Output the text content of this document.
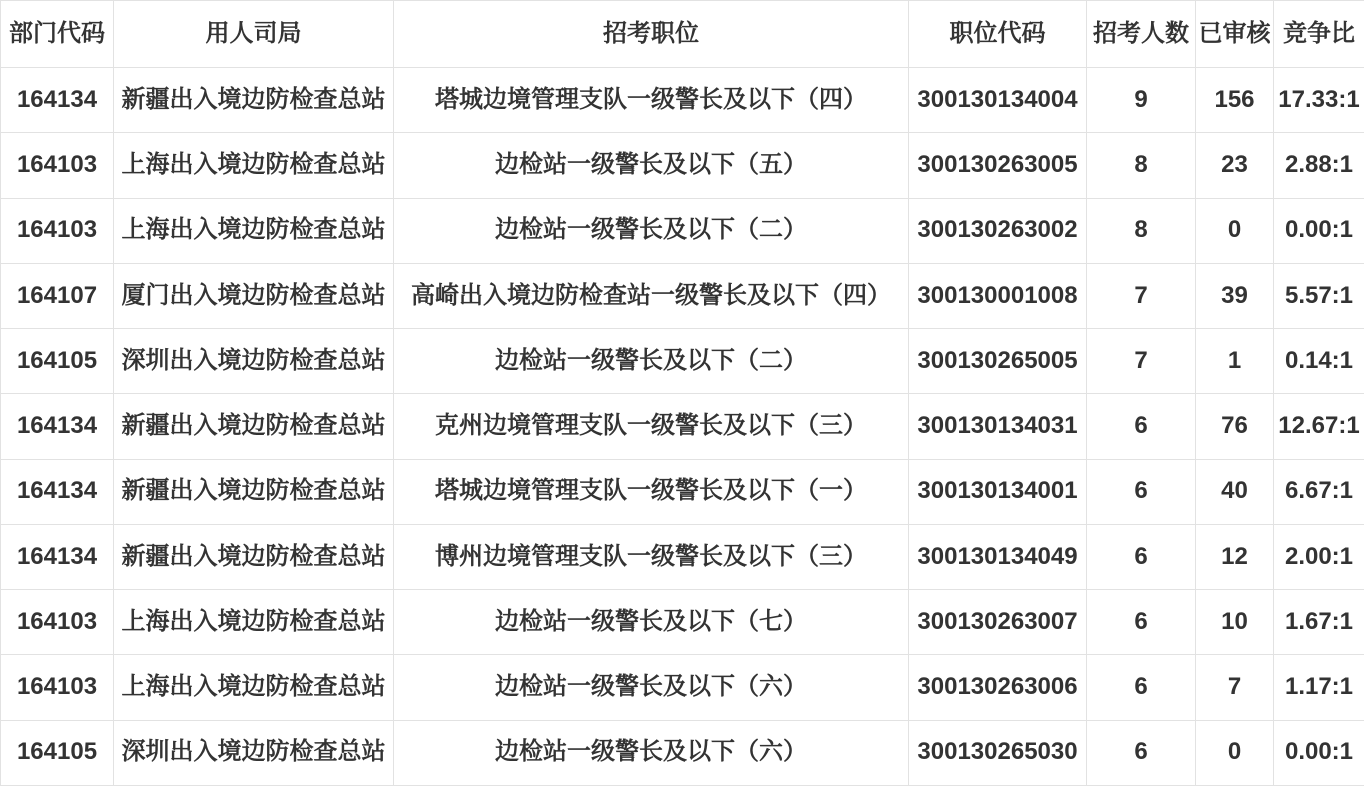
部门代码	用人司局	招考职位	职位代码	招考人数	已审核	竞争比
164134	新疆出入境边防检查总站	塔城边境管理支队一级警长及以下（四）	300130134004	9	156	17.33:1
164103	上海出入境边防检查总站	边检站一级警长及以下（五）	300130263005	8	23	2.88:1
164103	上海出入境边防检查总站	边检站一级警长及以下（二）	300130263002	8	0	0.00:1
164107	厦门出入境边防检查总站	高崎出入境边防检查站一级警长及以下（四）	300130001008	7	39	5.57:1
164105	深圳出入境边防检查总站	边检站一级警长及以下（二）	300130265005	7	1	0.14:1
164134	新疆出入境边防检查总站	克州边境管理支队一级警长及以下（三）	300130134031	6	76	12.67:1
164134	新疆出入境边防检查总站	塔城边境管理支队一级警长及以下（一）	300130134001	6	40	6.67:1
164134	新疆出入境边防检查总站	博州边境管理支队一级警长及以下（三）	300130134049	6	12	2.00:1
164103	上海出入境边防检查总站	边检站一级警长及以下（七）	300130263007	6	10	1.67:1
164103	上海出入境边防检查总站	边检站一级警长及以下（六）	300130263006	6	7	1.17:1
164105	深圳出入境边防检查总站	边检站一级警长及以下（六）	300130265030	6	0	0.00:1
